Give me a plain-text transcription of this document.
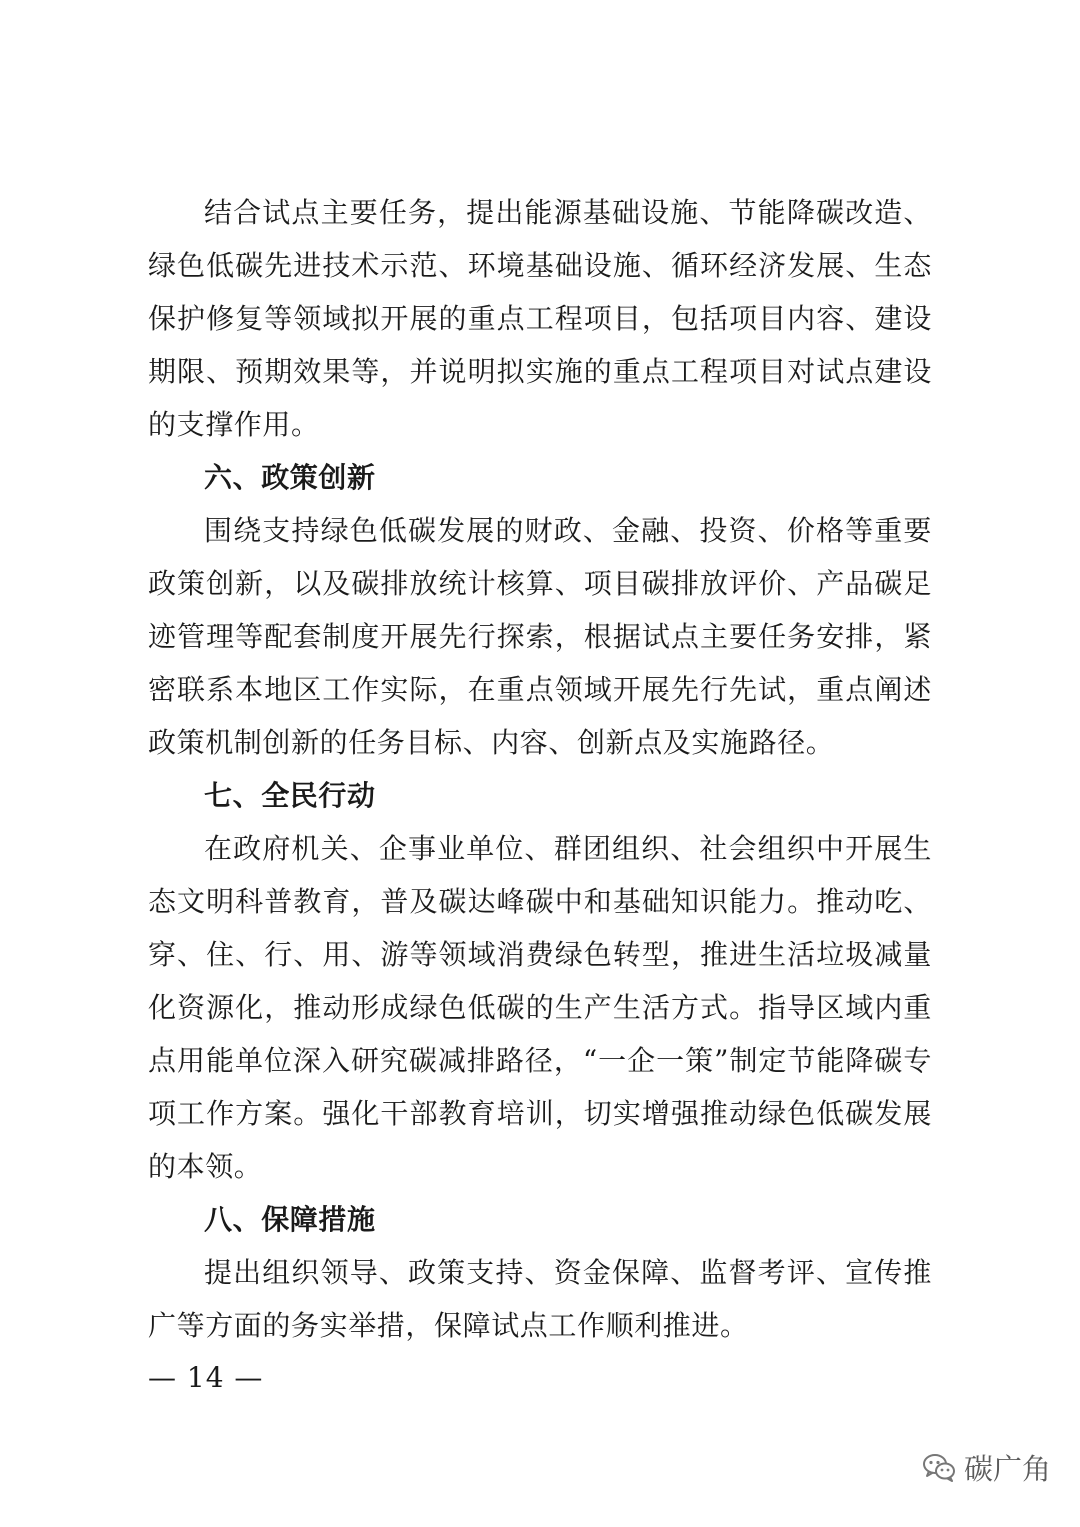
结合试点主要任务，提出能源基础设施、节能降碳改造、绿色低碳先进技术示范、环境基础设施、循环经济发展、生态保护修复等领域拟开展的重点工程项目，包括项目内容、建设期限、预期效果等，并说明拟实施的重点工程项目对试点建设的支撑作用。

六、政策创新

围绕支持绿色低碳发展的财政、金融、投资、价格等重要政策创新，以及碳排放统计核算、项目碳排放评价、产品碳足迹管理等配套制度开展先行探索，根据试点主要任务安排，紧密联系本地区工作实际，在重点领域开展先行先试，重点阐述政策机制创新的任务目标、内容、创新点及实施路径。

七、全民行动

在政府机关、企事业单位、群团组织、社会组织中开展生态文明科普教育，普及碳达峰碳中和基础知识能力。推动吃、穿、住、行、用、游等领域消费绿色转型，推进生活垃圾减量化资源化，推动形成绿色低碳的生产生活方式。指导区域内重点用能单位深入研究碳减排路径，“一企一策”制定节能降碳专项工作方案。强化干部教育培训，切实增强推动绿色低碳发展的本领。

八、保障措施

提出组织领导、政策支持、资金保障、监督考评、宣传推广等方面的务实举措，保障试点工作顺利推进。

— 14 —
碳广角
